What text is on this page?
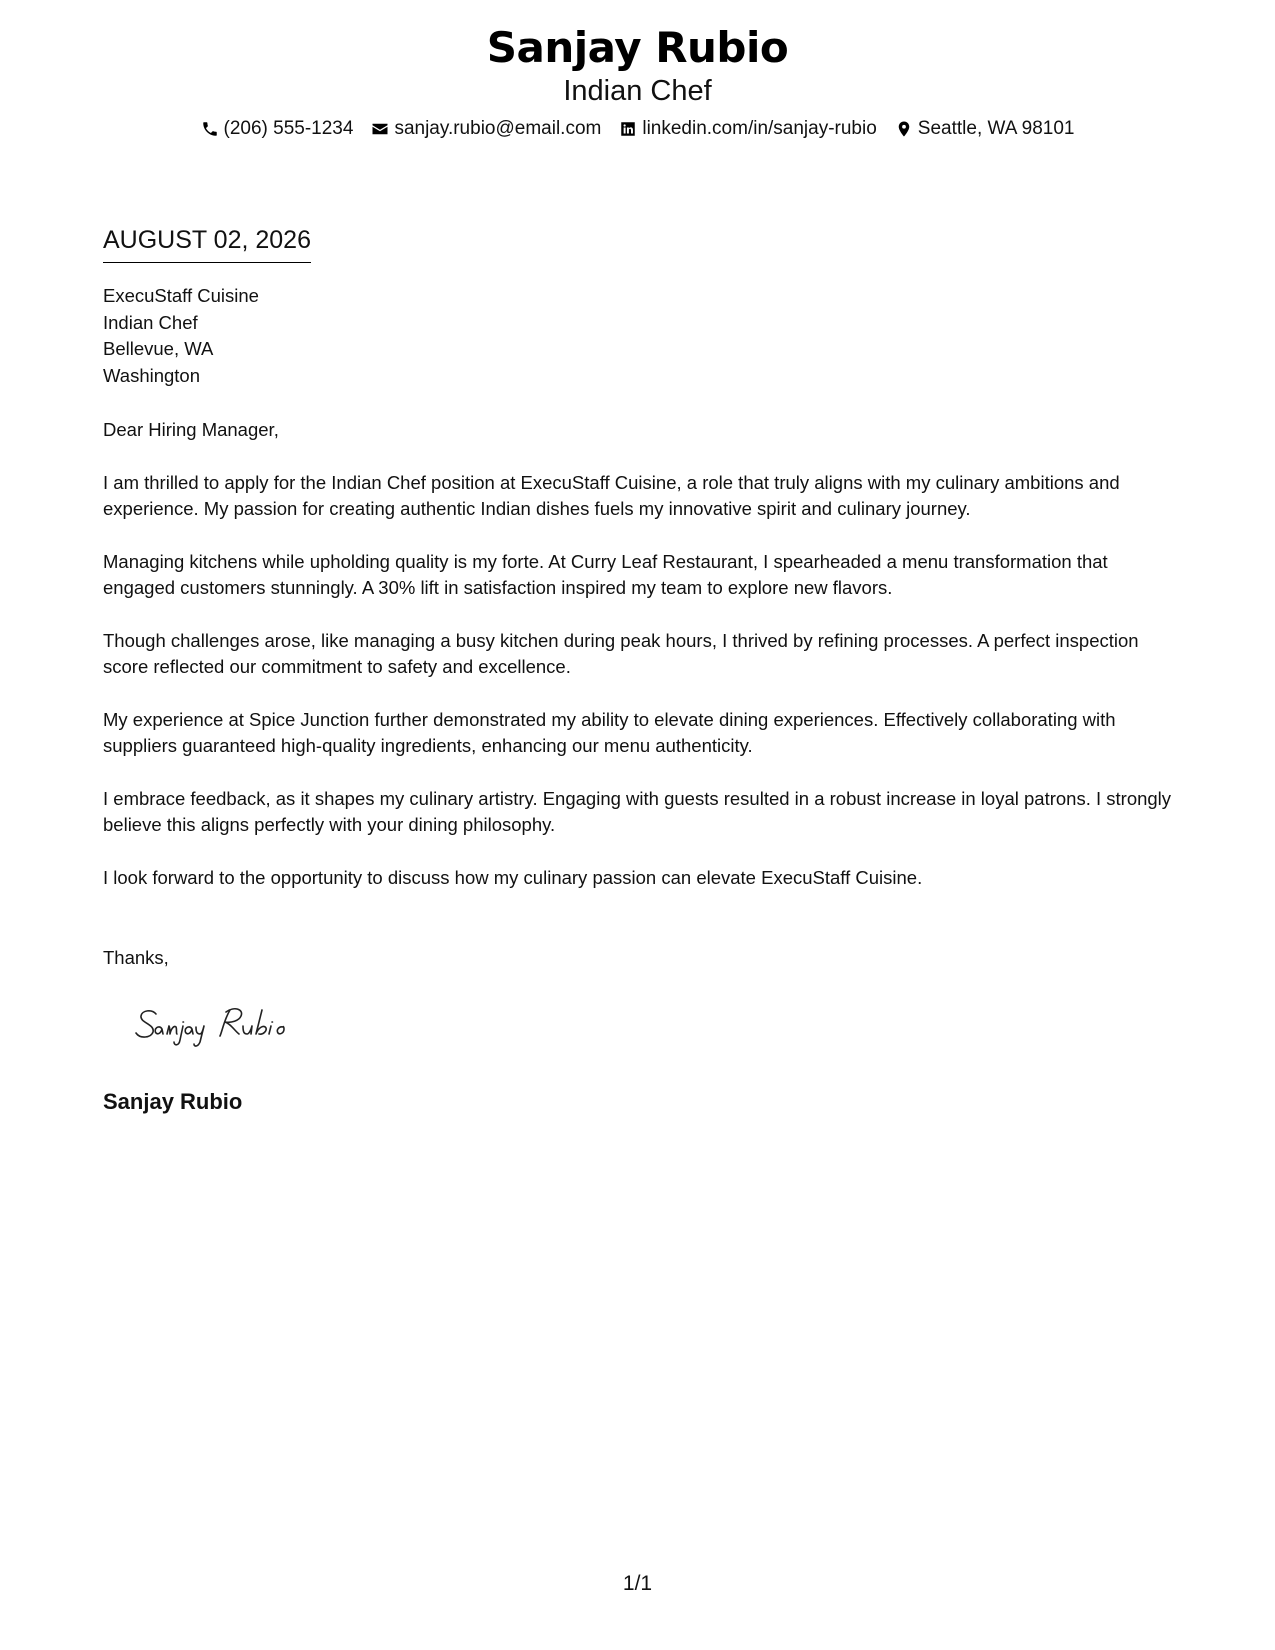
Sanjay Rubio
Indian Chef
(206) 555-1234 sanjay.rubio@email.com linkedin.com/in/sanjay-rubio Seattle, WA 98101
AUGUST 02, 2026
ExecuStaff Cuisine
Indian Chef
Bellevue, WA
Washington
Dear Hiring Manager,

I am thrilled to apply for the Indian Chef position at ExecuStaff Cuisine, a role that truly aligns with my culinary ambitions and experience. My passion for creating authentic Indian dishes fuels my innovative spirit and culinary journey.

Managing kitchens while upholding quality is my forte. At Curry Leaf Restaurant, I spearheaded a menu transformation that engaged customers stunningly. A 30% lift in satisfaction inspired my team to explore new flavors.

Though challenges arose, like managing a busy kitchen during peak hours, I thrived by refining processes. A perfect inspection score reflected our commitment to safety and excellence.

My experience at Spice Junction further demonstrated my ability to elevate dining experiences. Effectively collaborating with suppliers guaranteed high-quality ingredients, enhancing our menu authenticity.

I embrace feedback, as it shapes my culinary artistry. Engaging with guests resulted in a robust increase in loyal patrons. I strongly believe this aligns perfectly with your dining philosophy.

I look forward to the opportunity to discuss how my culinary passion can elevate ExecuStaff Cuisine.

Thanks,
Sanjay Rubio
1/1
